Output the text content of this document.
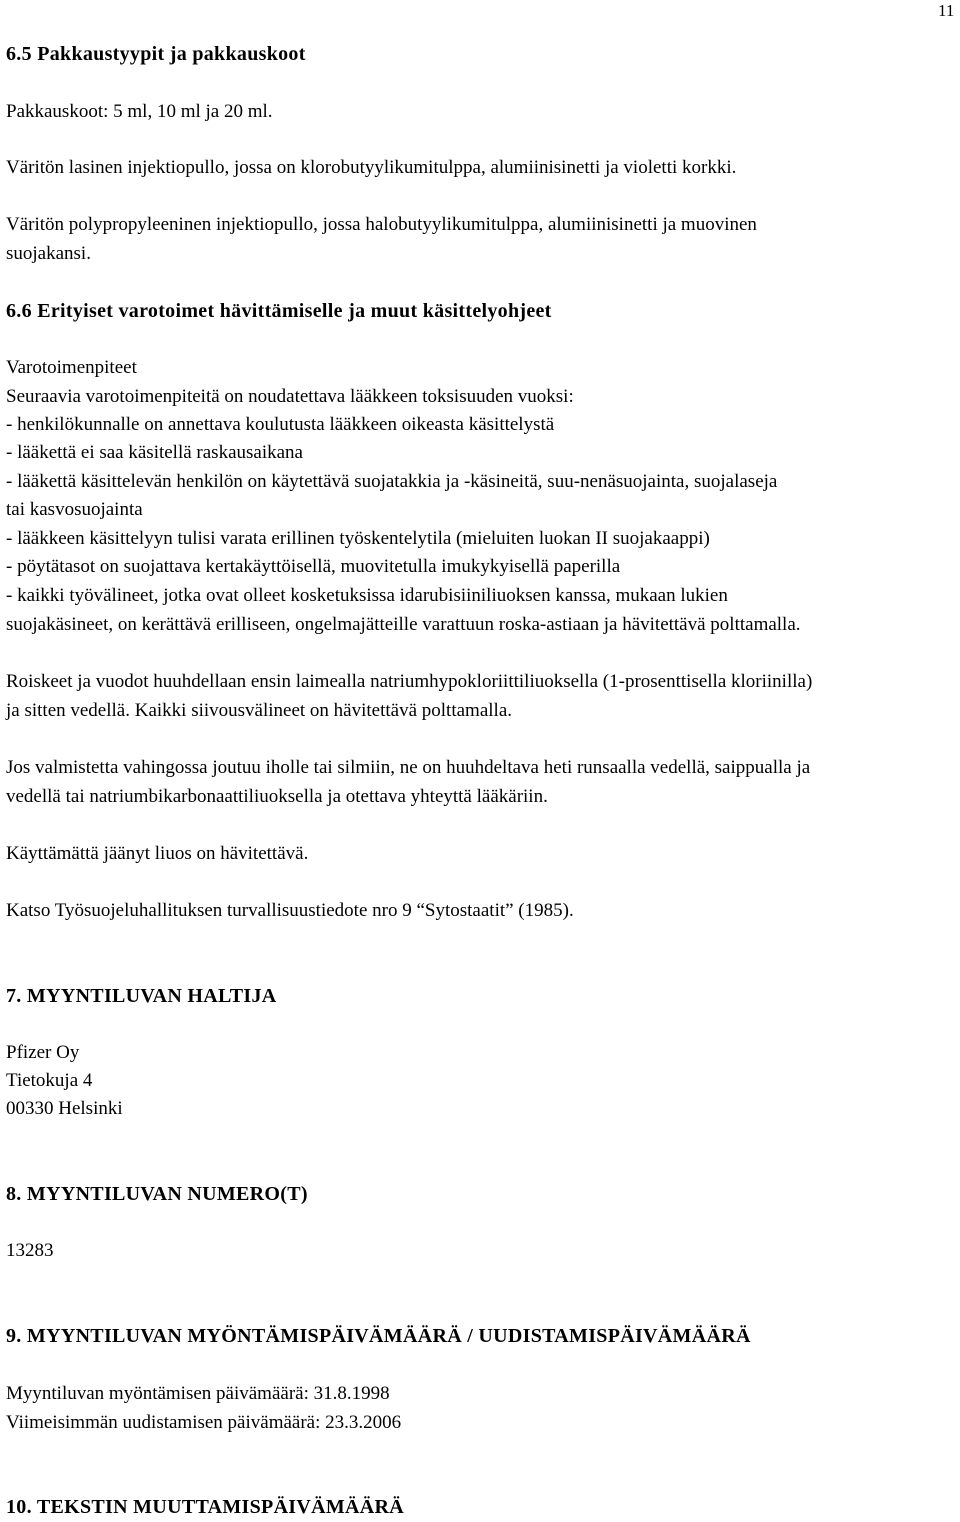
11

6.5 Pakkaustyypit ja pakkauskoot

Pakkauskoot: 5 ml, 10 ml ja 20 ml.

Väritön lasinen injektiopullo, jossa on klorobutyylikumitulppa, alumiinisinetti ja violetti korkki.

Väritön polypropyleeninen injektiopullo, jossa halobutyylikumitulppa, alumiinisinetti ja muovinen

suojakansi.

6.6 Erityiset varotoimet hävittämiselle ja muut käsittelyohjeet

Varotoimenpiteet

Seuraavia varotoimenpiteitä on noudatettava lääkkeen toksisuuden vuoksi:

- henkilökunnalle on annettava koulutusta lääkkeen oikeasta käsittelystä

- lääkettä ei saa käsitellä raskausaikana

- lääkettä käsittelevän henkilön on käytettävä suojatakkia ja -käsineitä, suu-nenäsuojainta, suojalaseja

tai kasvosuojainta

- lääkkeen käsittelyyn tulisi varata erillinen työskentelytila (mieluiten luokan II suojakaappi)

- pöytätasot on suojattava kertakäyttöisellä, muovitetulla imukykyisellä paperilla

- kaikki työvälineet, jotka ovat olleet kosketuksissa idarubisiiniliuoksen kanssa, mukaan lukien

suojakäsineet, on kerättävä erilliseen, ongelmajätteille varattuun roska-astiaan ja hävitettävä polttamalla.

Roiskeet ja vuodot huuhdellaan ensin laimealla natriumhypokloriittiliuoksella (1-prosenttisella kloriinilla)

ja sitten vedellä. Kaikki siivousvälineet on hävitettävä polttamalla.

Jos valmistetta vahingossa joutuu iholle tai silmiin, ne on huuhdeltava heti runsaalla vedellä, saippualla ja

vedellä tai natriumbikarbonaattiliuoksella ja otettava yhteyttä lääkäriin.

Käyttämättä jäänyt liuos on hävitettävä.

Katso Työsuojeluhallituksen turvallisuustiedote nro 9 “Sytostaatit” (1985).

7. MYYNTILUVAN HALTIJA

Pfizer Oy

Tietokuja 4

00330 Helsinki

8. MYYNTILUVAN NUMERO(T)

13283

9. MYYNTILUVAN MYÖNTÄMISPÄIVÄMÄÄRÄ / UUDISTAMISPÄIVÄMÄÄRÄ

Myyntiluvan myöntämisen päivämäärä: 31.8.1998

Viimeisimmän uudistamisen päivämäärä: 23.3.2006

10. TEKSTIN MUUTTAMISPÄIVÄMÄÄRÄ
